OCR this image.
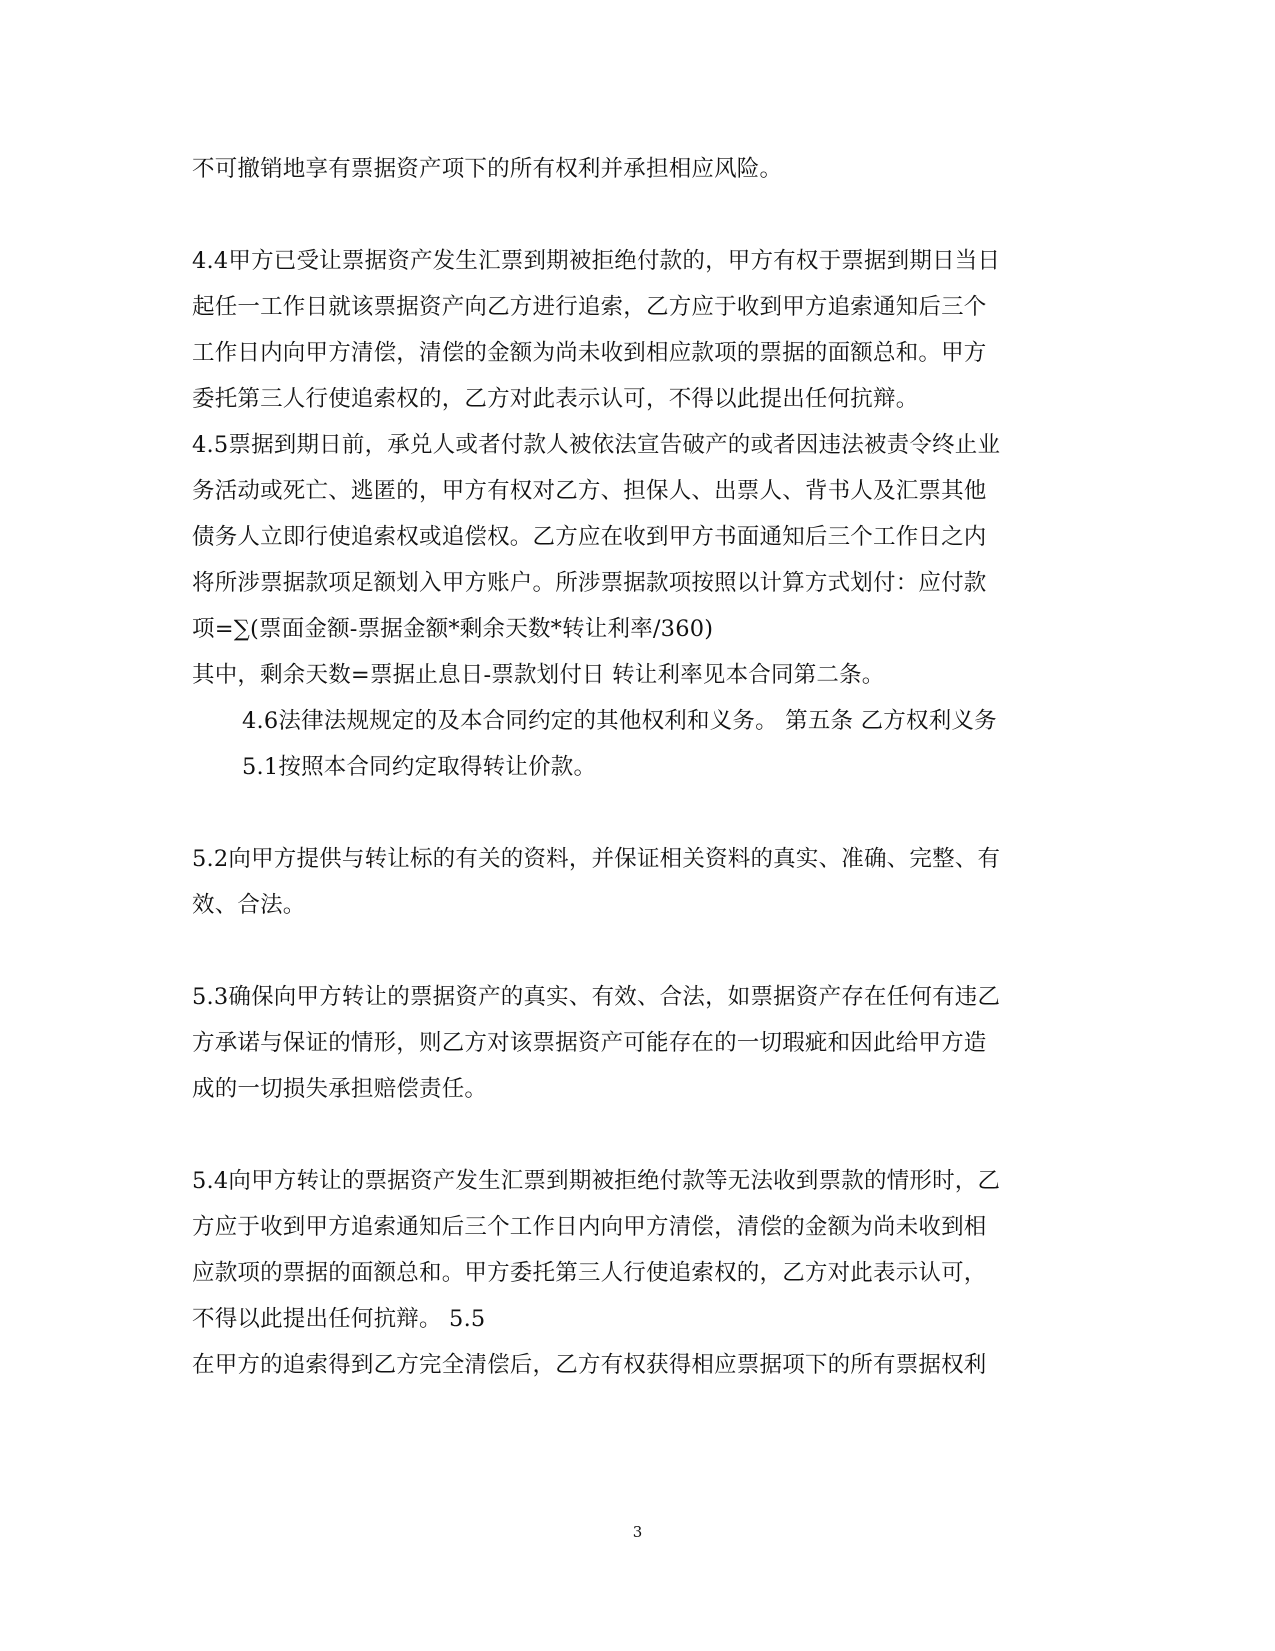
不可撤销地享有票据资产项下的所有权利并承担相应风险。
4.4甲方已受让票据资产发生汇票到期被拒绝付款的，甲方有权于票据到期日当日
起任一工作日就该票据资产向乙方进行追索，乙方应于收到甲方追索通知后三个
工作日内向甲方清偿，清偿的金额为尚未收到相应款项的票据的面额总和。甲方
委托第三人行使追索权的，乙方对此表示认可，不得以此提出任何抗辩。
4.5票据到期日前，承兑人或者付款人被依法宣告破产的或者因违法被责令终止业
务活动或死亡、逃匿的，甲方有权对乙方、担保人、出票人、背书人及汇票其他
债务人立即行使追索权或追偿权。乙方应在收到甲方书面通知后三个工作日之内
将所涉票据款项足额划入甲方账户。所涉票据款项按照以计算方式划付：应付款
项=∑(票面金额-票据金额*剩余天数*转让利率/360)
其中，剩余天数=票据止息日-票款划付日 转让利率见本合同第二条。
4.6法律法规规定的及本合同约定的其他权利和义务。 第五条 乙方权利义务
5.1按照本合同约定取得转让价款。
5.2向甲方提供与转让标的有关的资料，并保证相关资料的真实、准确、完整、有
效、合法。
5.3确保向甲方转让的票据资产的真实、有效、合法，如票据资产存在任何有违乙
方承诺与保证的情形，则乙方对该票据资产可能存在的一切瑕疵和因此给甲方造
成的一切损失承担赔偿责任。
5.4向甲方转让的票据资产发生汇票到期被拒绝付款等无法收到票款的情形时，乙
方应于收到甲方追索通知后三个工作日内向甲方清偿，清偿的金额为尚未收到相
应款项的票据的面额总和。甲方委托第三人行使追索权的，乙方对此表示认可，
不得以此提出任何抗辩。 5.5
在甲方的追索得到乙方完全清偿后，乙方有权获得相应票据项下的所有票据权利
3
